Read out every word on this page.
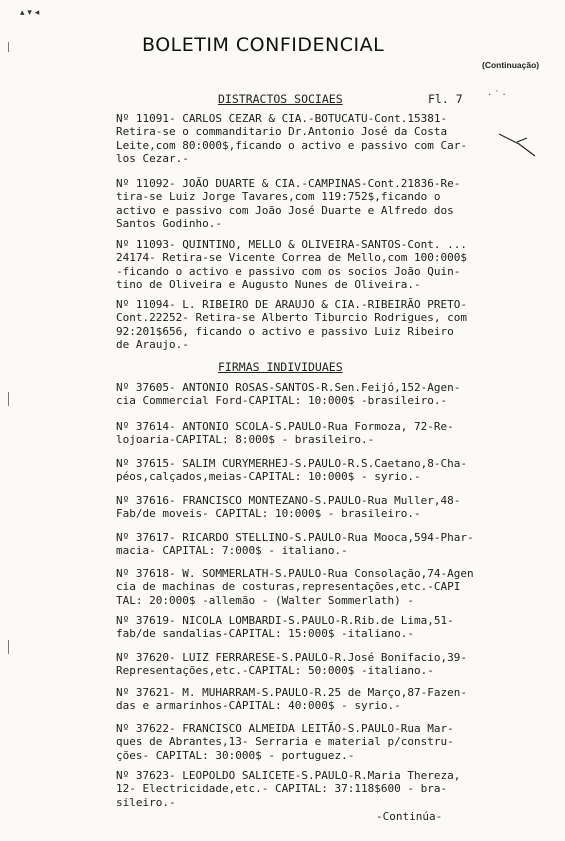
▴ ▾ ◂
· ˙ ·
BOLETIM CONFIDENCIAL
(Continuação)
DISTRACTOS SOCIAES	Fl. 7
Nº 11091- CARLOS CEZAR & CIA.-BOTUCATU-Cont.15381-
Retira-se o commanditario Dr.Antonio José da Costa
Leite,com 80:000$,ficando o activo e passivo com Car-
los Cezar.-
Nº 11092- JOÃO DUARTE & CIA.-CAMPINAS-Cont.21836-Re-
tira-se Luiz Jorge Tavares,com 119:752$,ficando o
activo e passivo com João José Duarte e Alfredo dos
Santos Godinho.-
Nº 11093- QUINTINO, MELLO & OLIVEIRA-SANTOS-Cont. ...
24174- Retira-se Vicente Correa de Mello,com 100:000$
-ficando o activo e passivo com os socios João Quin-
tino de Oliveira e Augusto Nunes de Oliveira.-
Nº 11094- L. RIBEIRO DE ARAUJO & CIA.-RIBEIRÃO PRETO-
Cont.22252- Retira-se Alberto Tiburcio Rodrigues, com
92:201$656, ficando o activo e passivo Luiz Ribeiro
de Araujo.-
FIRMAS INDIVIDUAES
Nº 37605- ANTONIO ROSAS-SANTOS-R.Sen.Feijó,152-Agen-
cia Commercial Ford-CAPITAL: 10:000$ -brasileiro.-
Nº 37614- ANTONIO SCOLA-S.PAULO-Rua Formoza, 72-Re-
lojoaria-CAPITAL: 8:000$ - brasileiro.-
Nº 37615- SALIM CURYMERHEJ-S.PAULO-R.S.Caetano,8-Cha-
péos,calçados,meias-CAPITAL: 10:000$ - syrio.-
Nº 37616- FRANCISCO MONTEZANO-S.PAULO-Rua Muller,48-
Fab/de moveis- CAPITAL: 10:000$ - brasileiro.-
Nº 37617- RICARDO STELLINO-S.PAULO-Rua Mooca,594-Phar-
macia- CAPITAL: 7:000$ - italiano.-
Nº 37618- W. SOMMERLATH-S.PAULO-Rua Consolação,74-Agen
cia de machinas de costuras,representações,etc.-CAPI
TAL: 20:000$ -allemão - (Walter Sommerlath) -
Nº 37619- NICOLA LOMBARDI-S.PAULO-R.Rib.de Lima,51-
fab/de sandalias-CAPITAL: 15:000$ -italiano.-
Nº 37620- LUIZ FERRARESE-S.PAULO-R.José Bonifacio,39-
Representações,etc.-CAPITAL: 50:000$ -italiano.-
Nº 37621- M. MUHARRAM-S.PAULO-R.25 de Março,87-Fazen-
das e armarinhos-CAPITAL: 40:000$ - syrio.-
Nº 37622- FRANCISCO ALMEIDA LEITÃO-S.PAULO-Rua Mar-
ques de Abrantes,13- Serraria e material p/constru-
ções- CAPITAL: 30:000$ - portuguez.-
Nº 37623- LEOPOLDO SALICETE-S.PAULO-R.Maria Thereza,
12- Electricidade,etc.- CAPITAL: 37:118$600 - bra-
sileiro.-
-Continúa-
